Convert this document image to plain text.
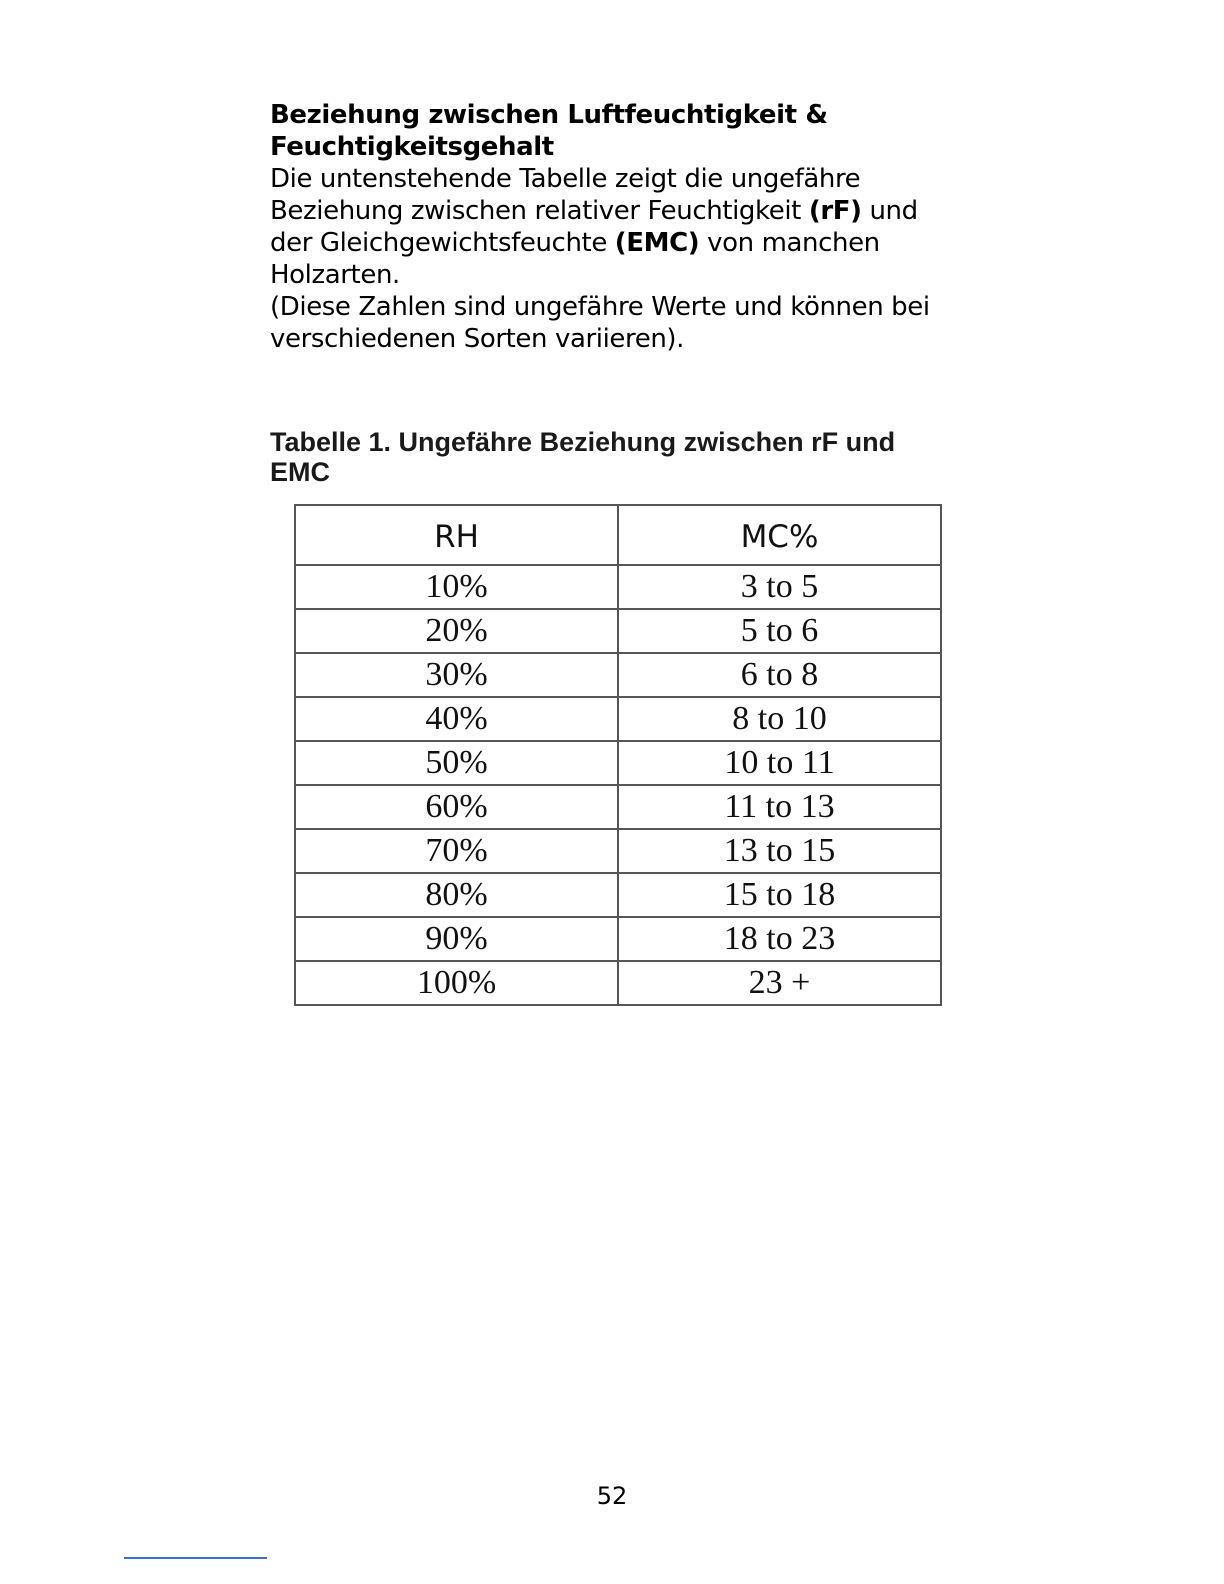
Beziehung zwischen Luftfeuchtigkeit &
Feuchtigkeitsgehalt

Die untenstehende Tabelle zeigt die ungefähre Beziehung zwischen relativer Feuchtigkeit (rF) und der Gleichgewichtsfeuchte (EMC) von manchen Holzarten.

(Diese Zahlen sind ungefähre Werte und können bei verschiedenen Sorten variieren).

Tabelle 1. Ungefähre Beziehung zwischen rF und EMC
RH	MC%
10%	3 to 5
20%	5 to 6
30%	6 to 8
40%	8 to 10
50%	10 to 11
60%	11 to 13
70%	13 to 15
80%	15 to 18
90%	18 to 23
100%	23 +
52
